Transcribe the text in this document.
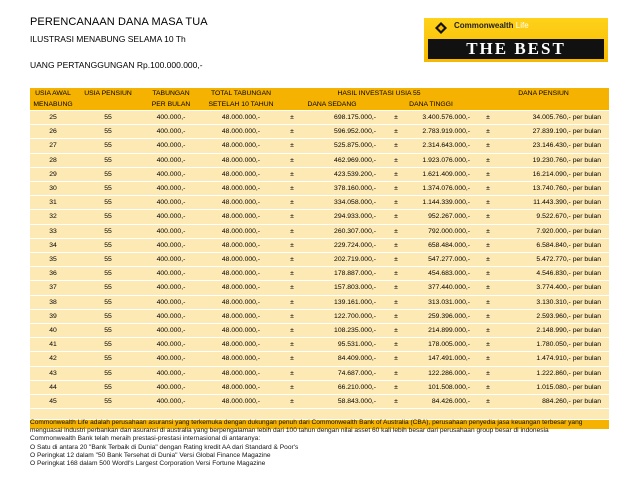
PERENCANAAN DANA MASA TUA
ILUSTRASI MENABUNG SELAMA 10 Th
UANG PERTANGGUNGAN Rp.100.000.000,-
Commonwealth Life
THE BEST
USIA AWAL	USIA PENSIUN	TABUNGAN	TOTAL TABUNGAN	HASIL INVESTASI USIA 55				DANA PENSIUN	
MENABUNG		PER BULAN	SETELAH 10 TAHUN	DANA SEDANG		DANA TINGGI			
25	55	400.000,-	48.000.000,-	±	698.175.000,-	±	3.400.576.000,-	±	34.005.760,- per bulan
26	55	400.000,-	48.000.000,-	±	596.952.000,-	±	2.783.919.000,-	±	27.839.190,- per bulan
27	55	400.000,-	48.000.000,-	±	525.875.000,-	±	2.314.643.000,-	±	23.146.430,- per bulan
28	55	400.000,-	48.000.000,-	±	462.969.000,-	±	1.923.076.000,-	±	19.230.760,- per bulan
29	55	400.000,-	48.000.000,-	±	423.539.200,-	±	1.621.409.000,-	±	16.214.090,- per bulan
30	55	400.000,-	48.000.000,-	±	378.160.000,-	±	1.374.076.000,-	±	13.740.760,- per bulan
31	55	400.000,-	48.000.000,-	±	334.058.000,-	±	1.144.339.000,-	±	11.443.390,- per bulan
32	55	400.000,-	48.000.000,-	±	294.933.000,-	±	952.267.000,-	±	9.522.670,- per bulan
33	55	400.000,-	48.000.000,-	±	260.307.000,-	±	792.000.000,-	±	7.920.000,- per bulan
34	55	400.000,-	48.000.000,-	±	229.724.000,-	±	658.484.000,-	±	6.584.840,- per bulan
35	55	400.000,-	48.000.000,-	±	202.719.000,-	±	547.277.000,-	±	5.472.770,- per bulan
36	55	400.000,-	48.000.000,-	±	178.887.000,-	±	454.683.000,-	±	4.546.830,- per bulan
37	55	400.000,-	48.000.000,-	±	157.803.000,-	±	377.440.000,-	±	3.774.400,- per bulan
38	55	400.000,-	48.000.000,-	±	139.161.000,-	±	313.031.000,-	±	3.130.310,- per bulan
39	55	400.000,-	48.000.000,-	±	122.700.000,-	±	259.396.000,-	±	2.593.960,- per bulan
40	55	400.000,-	48.000.000,-	±	108.235.000,-	±	214.899.000,-	±	2.148.990,- per bulan
41	55	400.000,-	48.000.000,-	±	95.531.000,-	±	178.005.000,-	±	1.780.050,- per bulan
42	55	400.000,-	48.000.000,-	±	84.409.000,-	±	147.491.000,-	±	1.474.910,- per bulan
43	55	400.000,-	48.000.000,-	±	74.687.000,-	±	122.286.000,-	±	1.222.860,- per bulan
44	55	400.000,-	48.000.000,-	±	66.210.000,-	±	101.508.000,-	±	1.015.080,- per bulan
45	55	400.000,-	48.000.000,-	±	58.843.000,-	±	84.426.000,-	±	884.260,- per bulan

Commonwealth Life adalah perusahaan asuransi yang terkemuka dengan dukungan penuh dari Commonwealth Bank of Australia (CBA), perusahaan penyedia jasa keuangan terbesar yang
menguasai industri perbankan dan asuransi di australia yang berpengalaman lebih dari 100 tahun dengan nilai asset 60 kali lebih besar dari perusahaan group besar di indonesia
Commonwealth Bank telah meraih prestasi-prestasi internasional di antaranya:
O Satu di antara 20 "Bank Terbaik di Dunia" dengan Rating kredit AA dari Standard & Poor's
O Peringkat 12 dalam "50 Bank Tersehat di Dunia" Versi Global Finance Magazine
O Peringkat 168 dalam 500 Wordl's Largest Corporation Versi Fortune Magazine
